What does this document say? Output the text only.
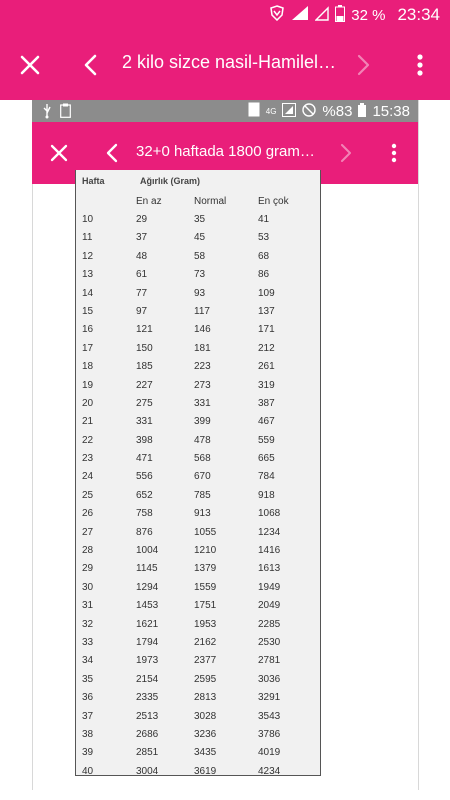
32 % 23:34
2 kilo sizce nasil-Hamilel…
4G	%83 15:38
32+0 haftada 1800 gram…
Hafta	Ağırlık (Gram)
En az	Normal	En çok
10	29	35	41
11	37	45	53
12	48	58	68
13	61	73	86
14	77	93	109
15	97	117	137
16	121	146	171
17	150	181	212
18	185	223	261
19	227	273	319
20	275	331	387
21	331	399	467
22	398	478	559
23	471	568	665
24	556	670	784
25	652	785	918
26	758	913	1068
27	876	1055	1234
28	1004	1210	1416
29	1145	1379	1613
30	1294	1559	1949
31	1453	1751	2049
32	1621	1953	2285
33	1794	2162	2530
34	1973	2377	2781
35	2154	2595	3036
36	2335	2813	3291
37	2513	3028	3543
38	2686	3236	3786
39	2851	3435	4019
40	3004	3619	4234
